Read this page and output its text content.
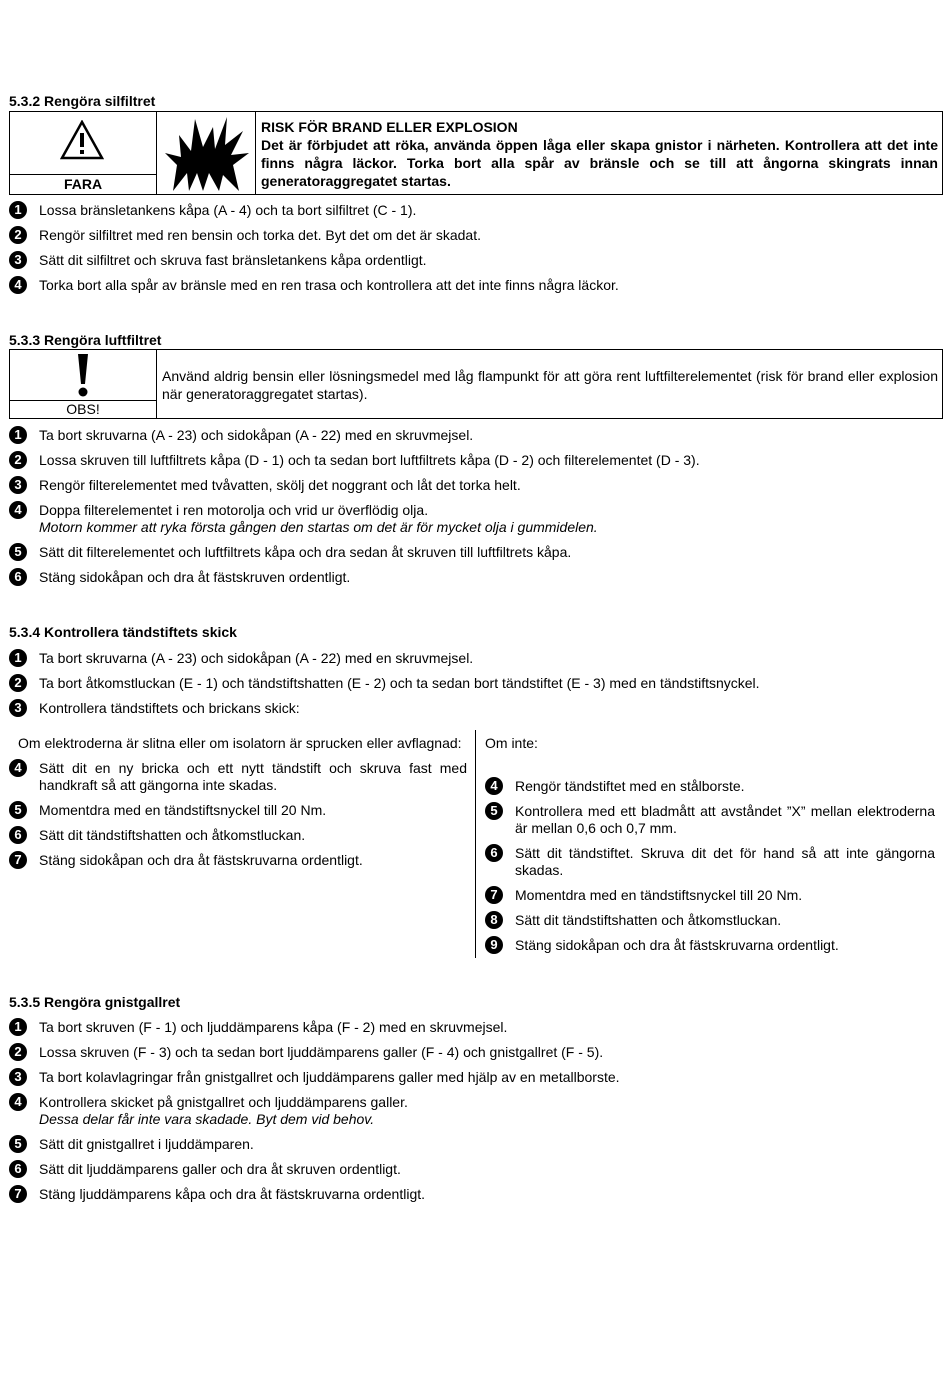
5.3.2 Rengöra silfiltret
FARA
RISK FÖR BRAND ELLER EXPLOSION
Det är förbjudet att röka, använda öppen låga eller skapa gnistor i närheten. Kontrollera att det inte finns några läckor. Torka bort alla spår av bränsle och se till att ångorna skingrats innan generatoraggregatet startas.
1	Lossa bränsletankens kåpa (A - 4) och ta bort silfiltret (C - 1).
2	Rengör silfiltret med ren bensin och torka det. Byt det om det är skadat.
3	Sätt dit silfiltret och skruva fast bränsletankens kåpa ordentligt.
4	Torka bort alla spår av bränsle med en ren trasa och kontrollera att det inte finns några läckor.
5.3.3 Rengöra luftfiltret
OBS!
Använd aldrig bensin eller lösningsmedel med låg flampunkt för att göra rent luftfilterelementet (risk för brand eller explosion när generatoraggregatet startas).
1	Ta bort skruvarna (A - 23) och sidokåpan (A - 22) med en skruvmejsel.
2	Lossa skruven till luftfiltrets kåpa (D - 1) och ta sedan bort luftfiltrets kåpa (D - 2) och filterelementet (D - 3).
3	Rengör filterelementet med tvåvatten, skölj det noggrant och låt det torka helt.
4	Doppa filterelementet i ren motorolja och vrid ur överflödig olja.
Motorn kommer att ryka första gången den startas om det är för mycket olja i gummidelen.
5	Sätt dit filterelementet och luftfiltrets kåpa och dra sedan åt skruven till luftfiltrets kåpa.
6	Stäng sidokåpan och dra åt fästskruven ordentligt.
5.3.4 Kontrollera tändstiftets skick
1	Ta bort skruvarna (A - 23) och sidokåpan (A - 22) med en skruvmejsel.
2	Ta bort åtkomstluckan (E - 1) och tändstiftshatten (E - 2) och ta sedan bort tändstiftet (E - 3) med en tändstiftsnyckel.
3	Kontrollera tändstiftets och brickans skick:
Om elektroderna är slitna eller om isolatorn är sprucken eller avflagnad:
4	Sätt dit en ny bricka och ett nytt tändstift och skruva fast med handkraft så att gängorna inte skadas.
5	Momentdra med en tändstiftsnyckel till 20 Nm.
6	Sätt dit tändstiftshatten och åtkomstluckan.
7	Stäng sidokåpan och dra åt fästskruvarna ordentligt.
Om inte:
4	Rengör tändstiftet med en stålborste.
5	Kontrollera med ett bladmått att avståndet ”X” mellan elektroderna är mellan 0,6 och 0,7 mm.
6	Sätt dit tändstiftet. Skruva dit det för hand så att inte gängorna skadas.
7	Momentdra med en tändstiftsnyckel till 20 Nm.
8	Sätt dit tändstiftshatten och åtkomstluckan.
9	Stäng sidokåpan och dra åt fästskruvarna ordentligt.
5.3.5 Rengöra gnistgallret
1	Ta bort skruven (F - 1) och ljuddämparens kåpa (F - 2) med en skruvmejsel.
2	Lossa skruven (F - 3) och ta sedan bort ljuddämparens galler (F - 4) och gnistgallret (F - 5).
3	Ta bort kolavlagringar från gnistgallret och ljuddämparens galler med hjälp av en metallborste.
4	Kontrollera skicket på gnistgallret och ljuddämparens galler.
Dessa delar får inte vara skadade. Byt dem vid behov.
5	Sätt dit gnistgallret i ljuddämparen.
6	Sätt dit ljuddämparens galler och dra åt skruven ordentligt.
7	Stäng ljuddämparens kåpa och dra åt fästskruvarna ordentligt.
